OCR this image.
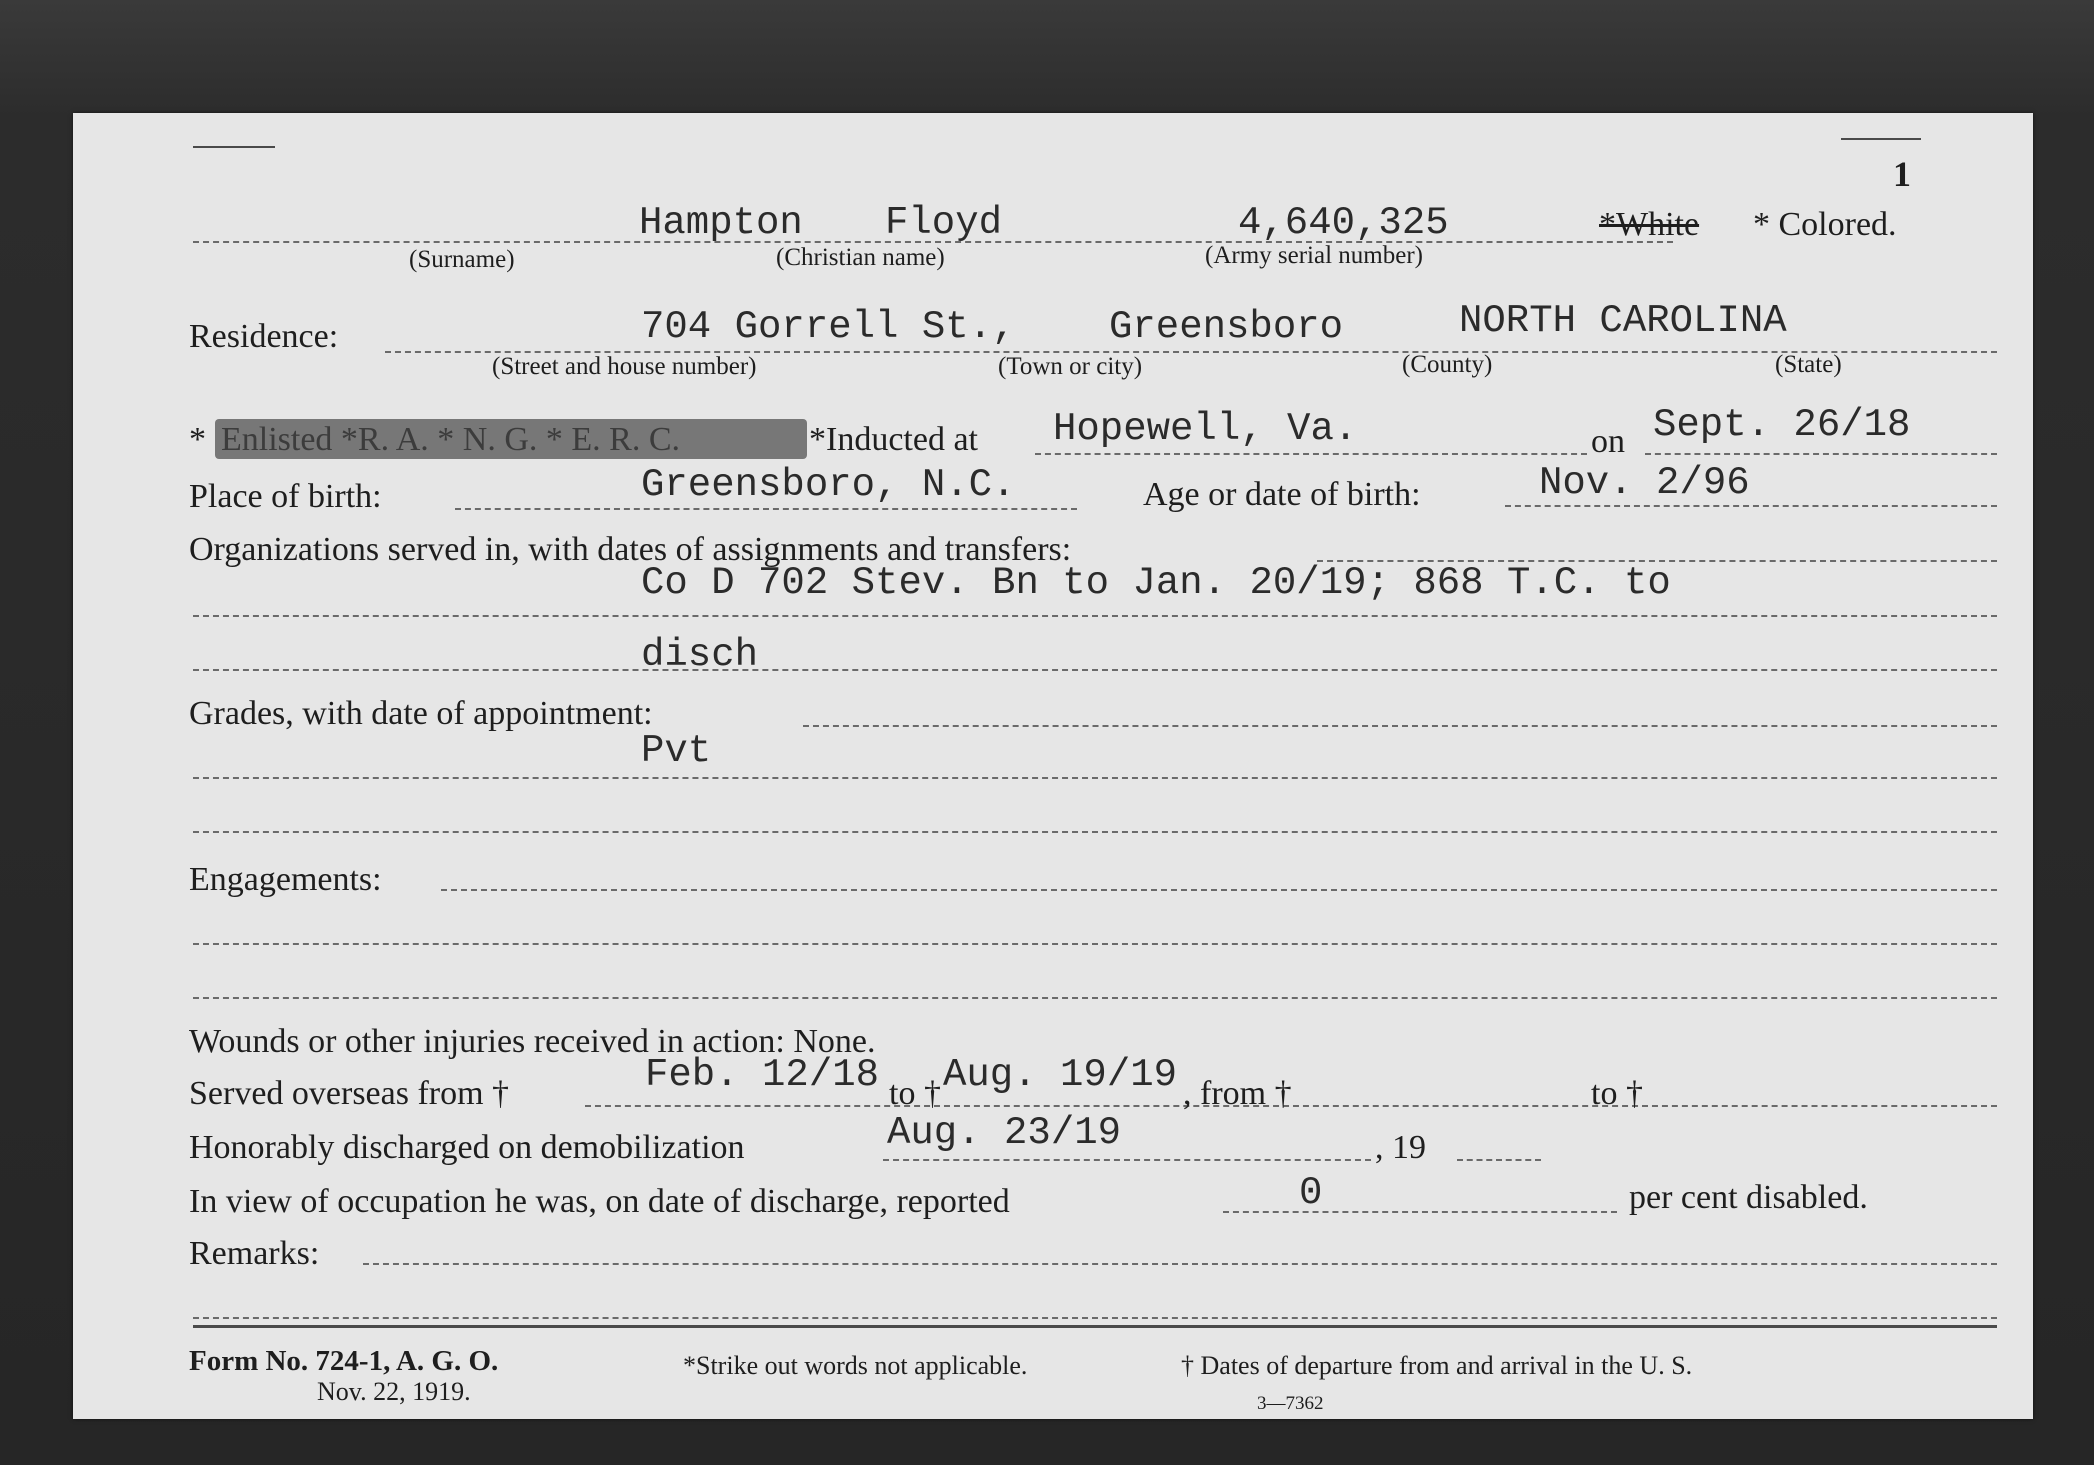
1
Hampton Floyd	4,640,325	*White * Colored.
(Surname)	(Christian name)	(Army serial number)
Residence:	704 Gorrell St., Greensboro	NORTH CAROLINA
(Street and house number)	(Town or city)	(County)	(State)
* Enlisted *R. A. * N. G. * E. R. C.	*Inducted at Hopewell, Va.	on Sept. 26/18
Place of birth:	Greensboro, N.C.	Age or date of birth:	Nov. 2/96
Organizations served in, with dates of assignments and transfers:
Co D 702 Stev. Bn to Jan. 20/19; 868 T.C. to
disch
Grades, with date of appointment:
Pvt
Engagements:
Wounds or other injuries received in action: None.
Served overseas from †	Feb. 12/18 to † Aug. 19/19 , from †	to †
Honorably discharged on demobilization	Aug. 23/19	, 19
In view of occupation he was, on date of discharge, reported	0	per cent disabled.
Remarks:
Form No. 724-1, A. G. O.
Nov. 22, 1919.
*Strike out words not applicable.	† Dates of departure from and arrival in the U. S.
3—7362
